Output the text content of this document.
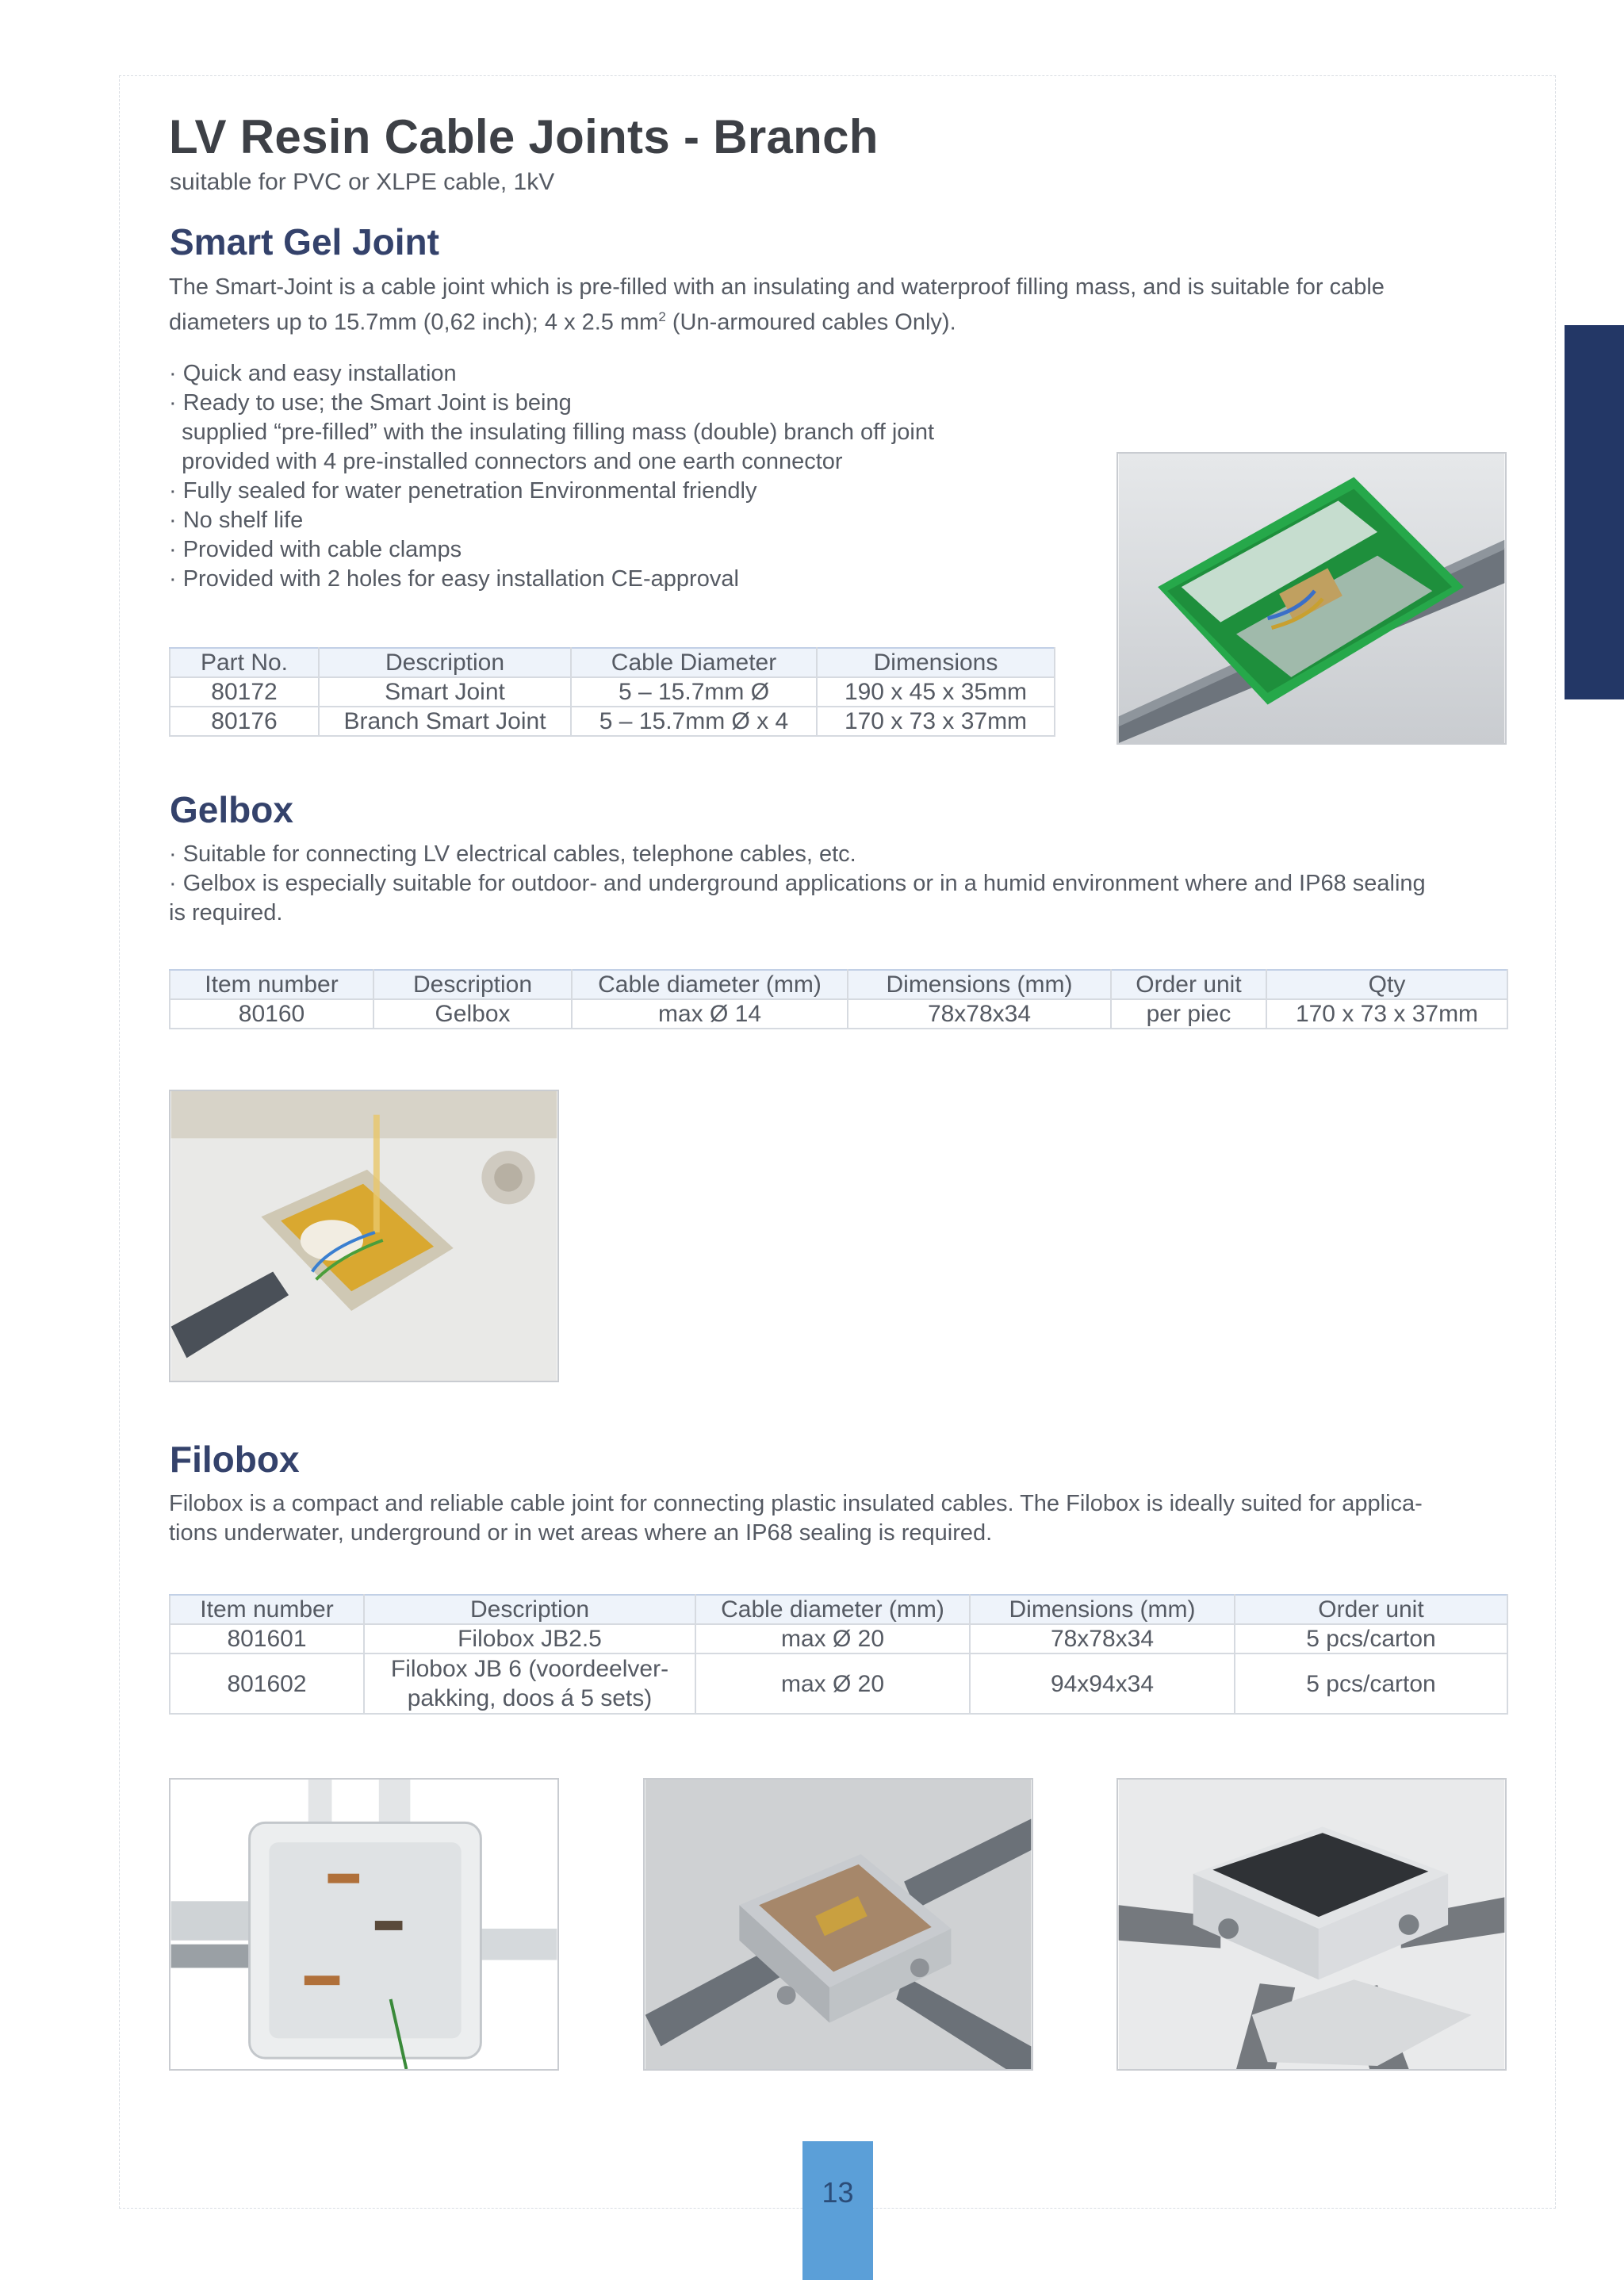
LV Resin Cable Joints - Branch
suitable for PVC or XLPE cable, 1kV
Smart Gel Joint
The Smart-Joint is a cable joint which is pre-filled with an insulating and waterproof filling mass, and is suitable for cable
diameters up to 15.7mm (0,62 inch); 4 x 2.5 $mm^2$ (Un-armoured cables Only).
· Quick and easy installation
· Ready to use; the Smart Joint is being
supplied “pre-filled” with the insulating filling mass (double) branch off joint
provided with 4 pre-installed connectors and one earth connector
· Fully sealed for water penetration Environmental friendly
· No shelf life
· Provided with cable clamps
· Provided with 2 holes for easy installation CE-approval
Part No.	Description	Cable Diameter	Dimensions
80172	Smart Joint	5 – 15.7mm Ø	190 x 45 x 35mm
80176	Branch Smart Joint	5 – 15.7mm Ø x 4	170 x 73 x 37mm
Gelbox
· Suitable for connecting LV electrical cables, telephone cables, etc.
· Gelbox is especially suitable for outdoor- and underground applications or in a humid environment where and IP68 sealing
is required.
Item number	Description	Cable diameter (mm)	Dimensions (mm)	Order unit	Qty
80160	Gelbox	max Ø 14	78x78x34	per piec	170 x 73 x 37mm
Filobox
Filobox is a compact and reliable cable joint for connecting plastic insulated cables. The Filobox is ideally suited for applica-
tions underwater, underground or in wet areas where an IP68 sealing is required.
Item number	Description	Cable diameter (mm)	Dimensions (mm)	Order unit
801601	Filobox JB2.5	max Ø 20	78x78x34	5 pcs/carton
801602	Filobox JB 6 (voordeelver-pakking, doos á 5 sets)	max Ø 20	94x94x34	5 pcs/carton
13
